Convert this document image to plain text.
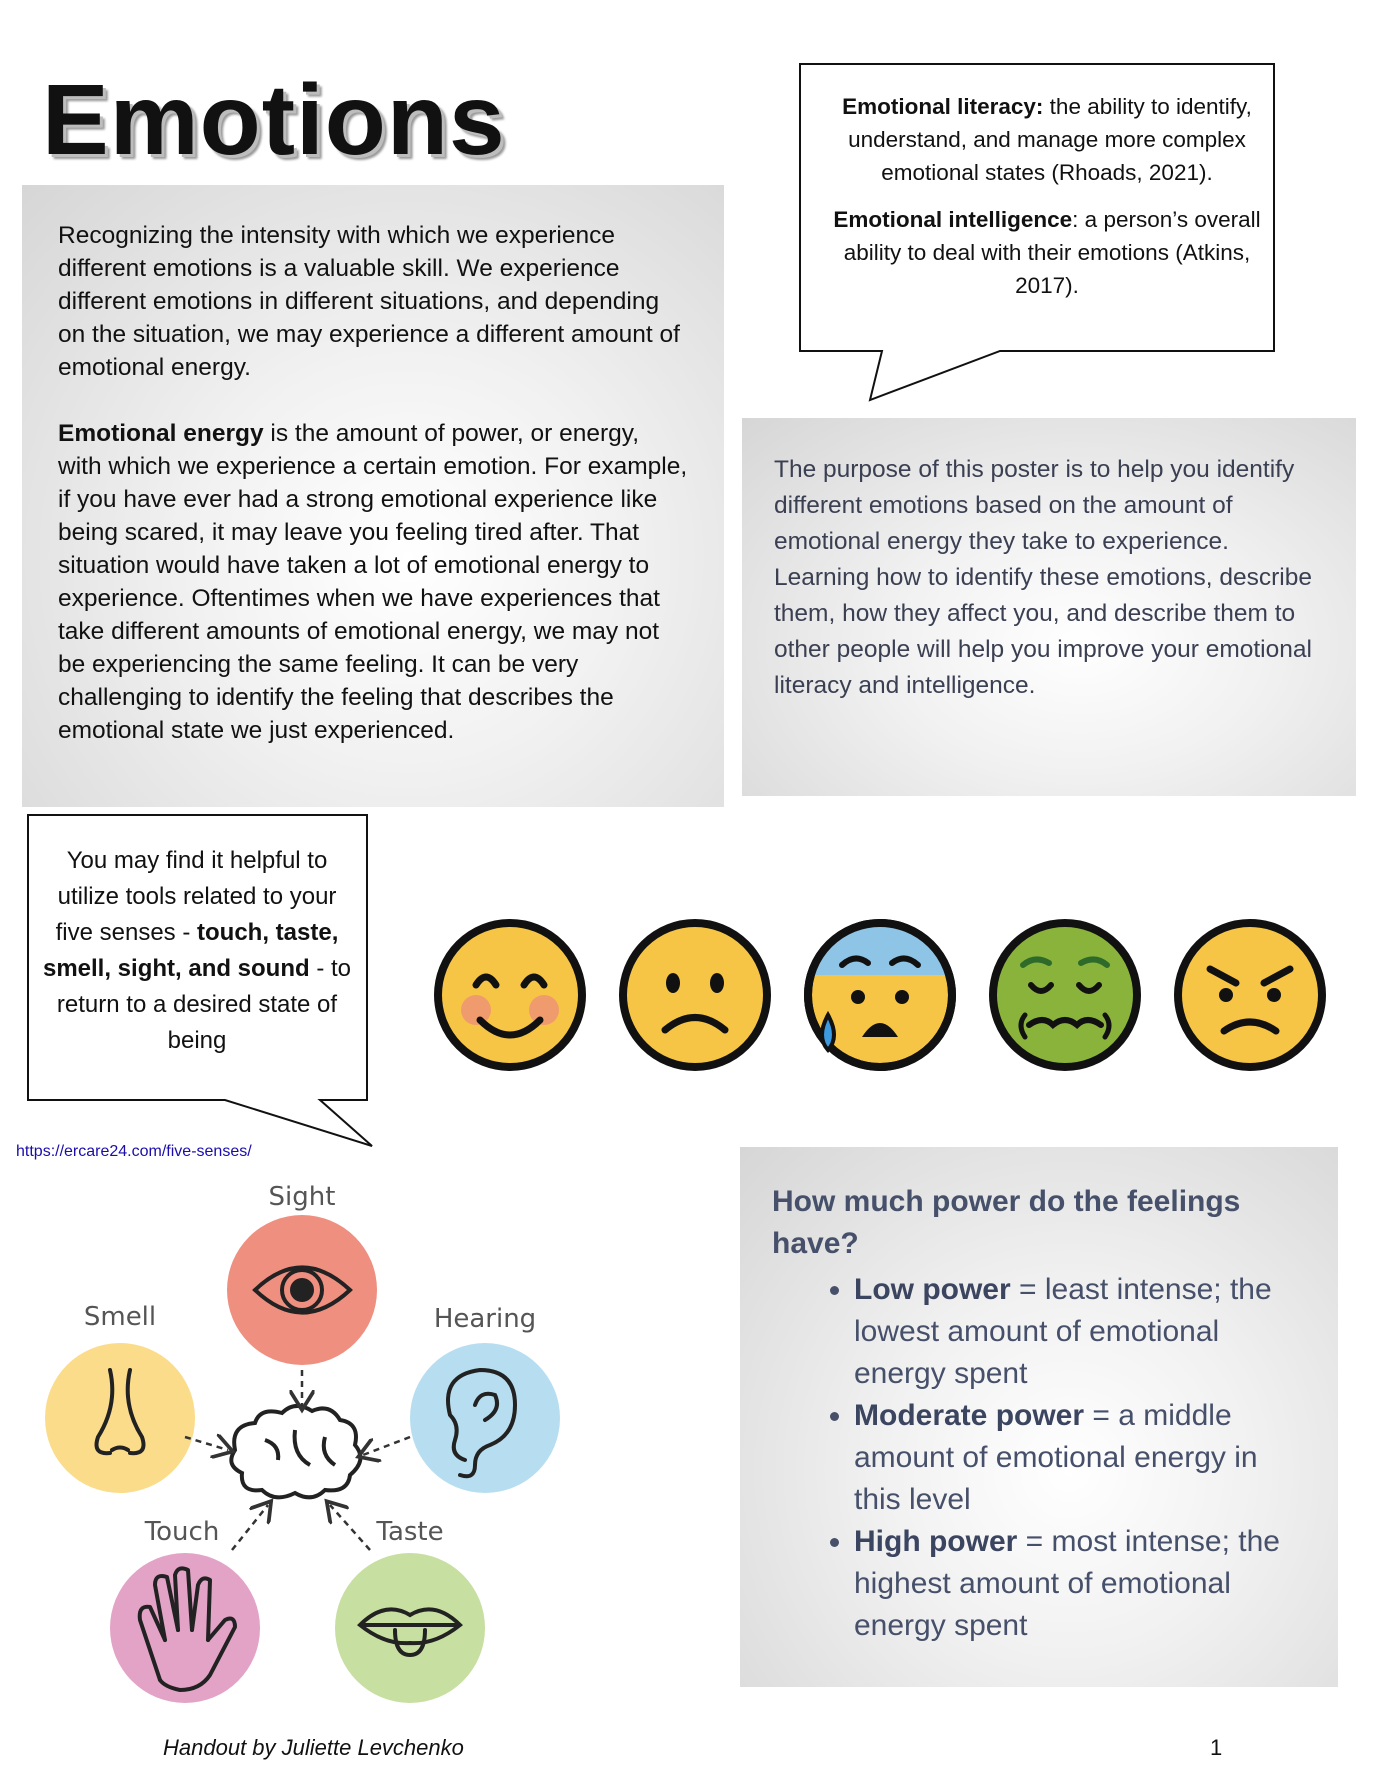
Emotions

Recognizing the intensity with which we experience different emotions is a valuable skill. We experience different emotions in different situations, and depending on the situation, we may experience a different amount of emotional energy.

Emotional energy is the amount of power, or energy, with which we experience a certain emotion. For example, if you have ever had a strong emotional experience like being scared, it may leave you feeling tired after. That situation would have taken a lot of emotional energy to experience. Oftentimes when we have experiences that take different amounts of emotional energy, we may not be experiencing the same feeling. It can be very challenging to identify the feeling that describes the emotional state we just experienced.

Emotional literacy: the ability to identify, understand, and manage more complex emotional states (Rhoads, 2021).

Emotional intelligence: a person’s overall ability to deal with their emotions (Atkins, 2017).

The purpose of this poster is to help you identify different emotions based on the amount of emotional energy they take to experience. Learning how to identify these emotions, describe them, how they affect you, and describe them to other people will help you improve your emotional literacy and intelligence.
You may find it helpful to utilize tools related to your five senses - touch, taste, smell, sight, and sound - to return to a desired state of being
https://ercare24.com/five-senses/
Sight
Smell	Hearing
Touch	Taste
How much power do the feelings have?
• Low power = least intense; the lowest amount of emotional energy spent
• Moderate power = a middle amount of emotional energy in this level
• High power = most intense; the highest amount of emotional energy spent
Handout by Juliette Levchenko	1
